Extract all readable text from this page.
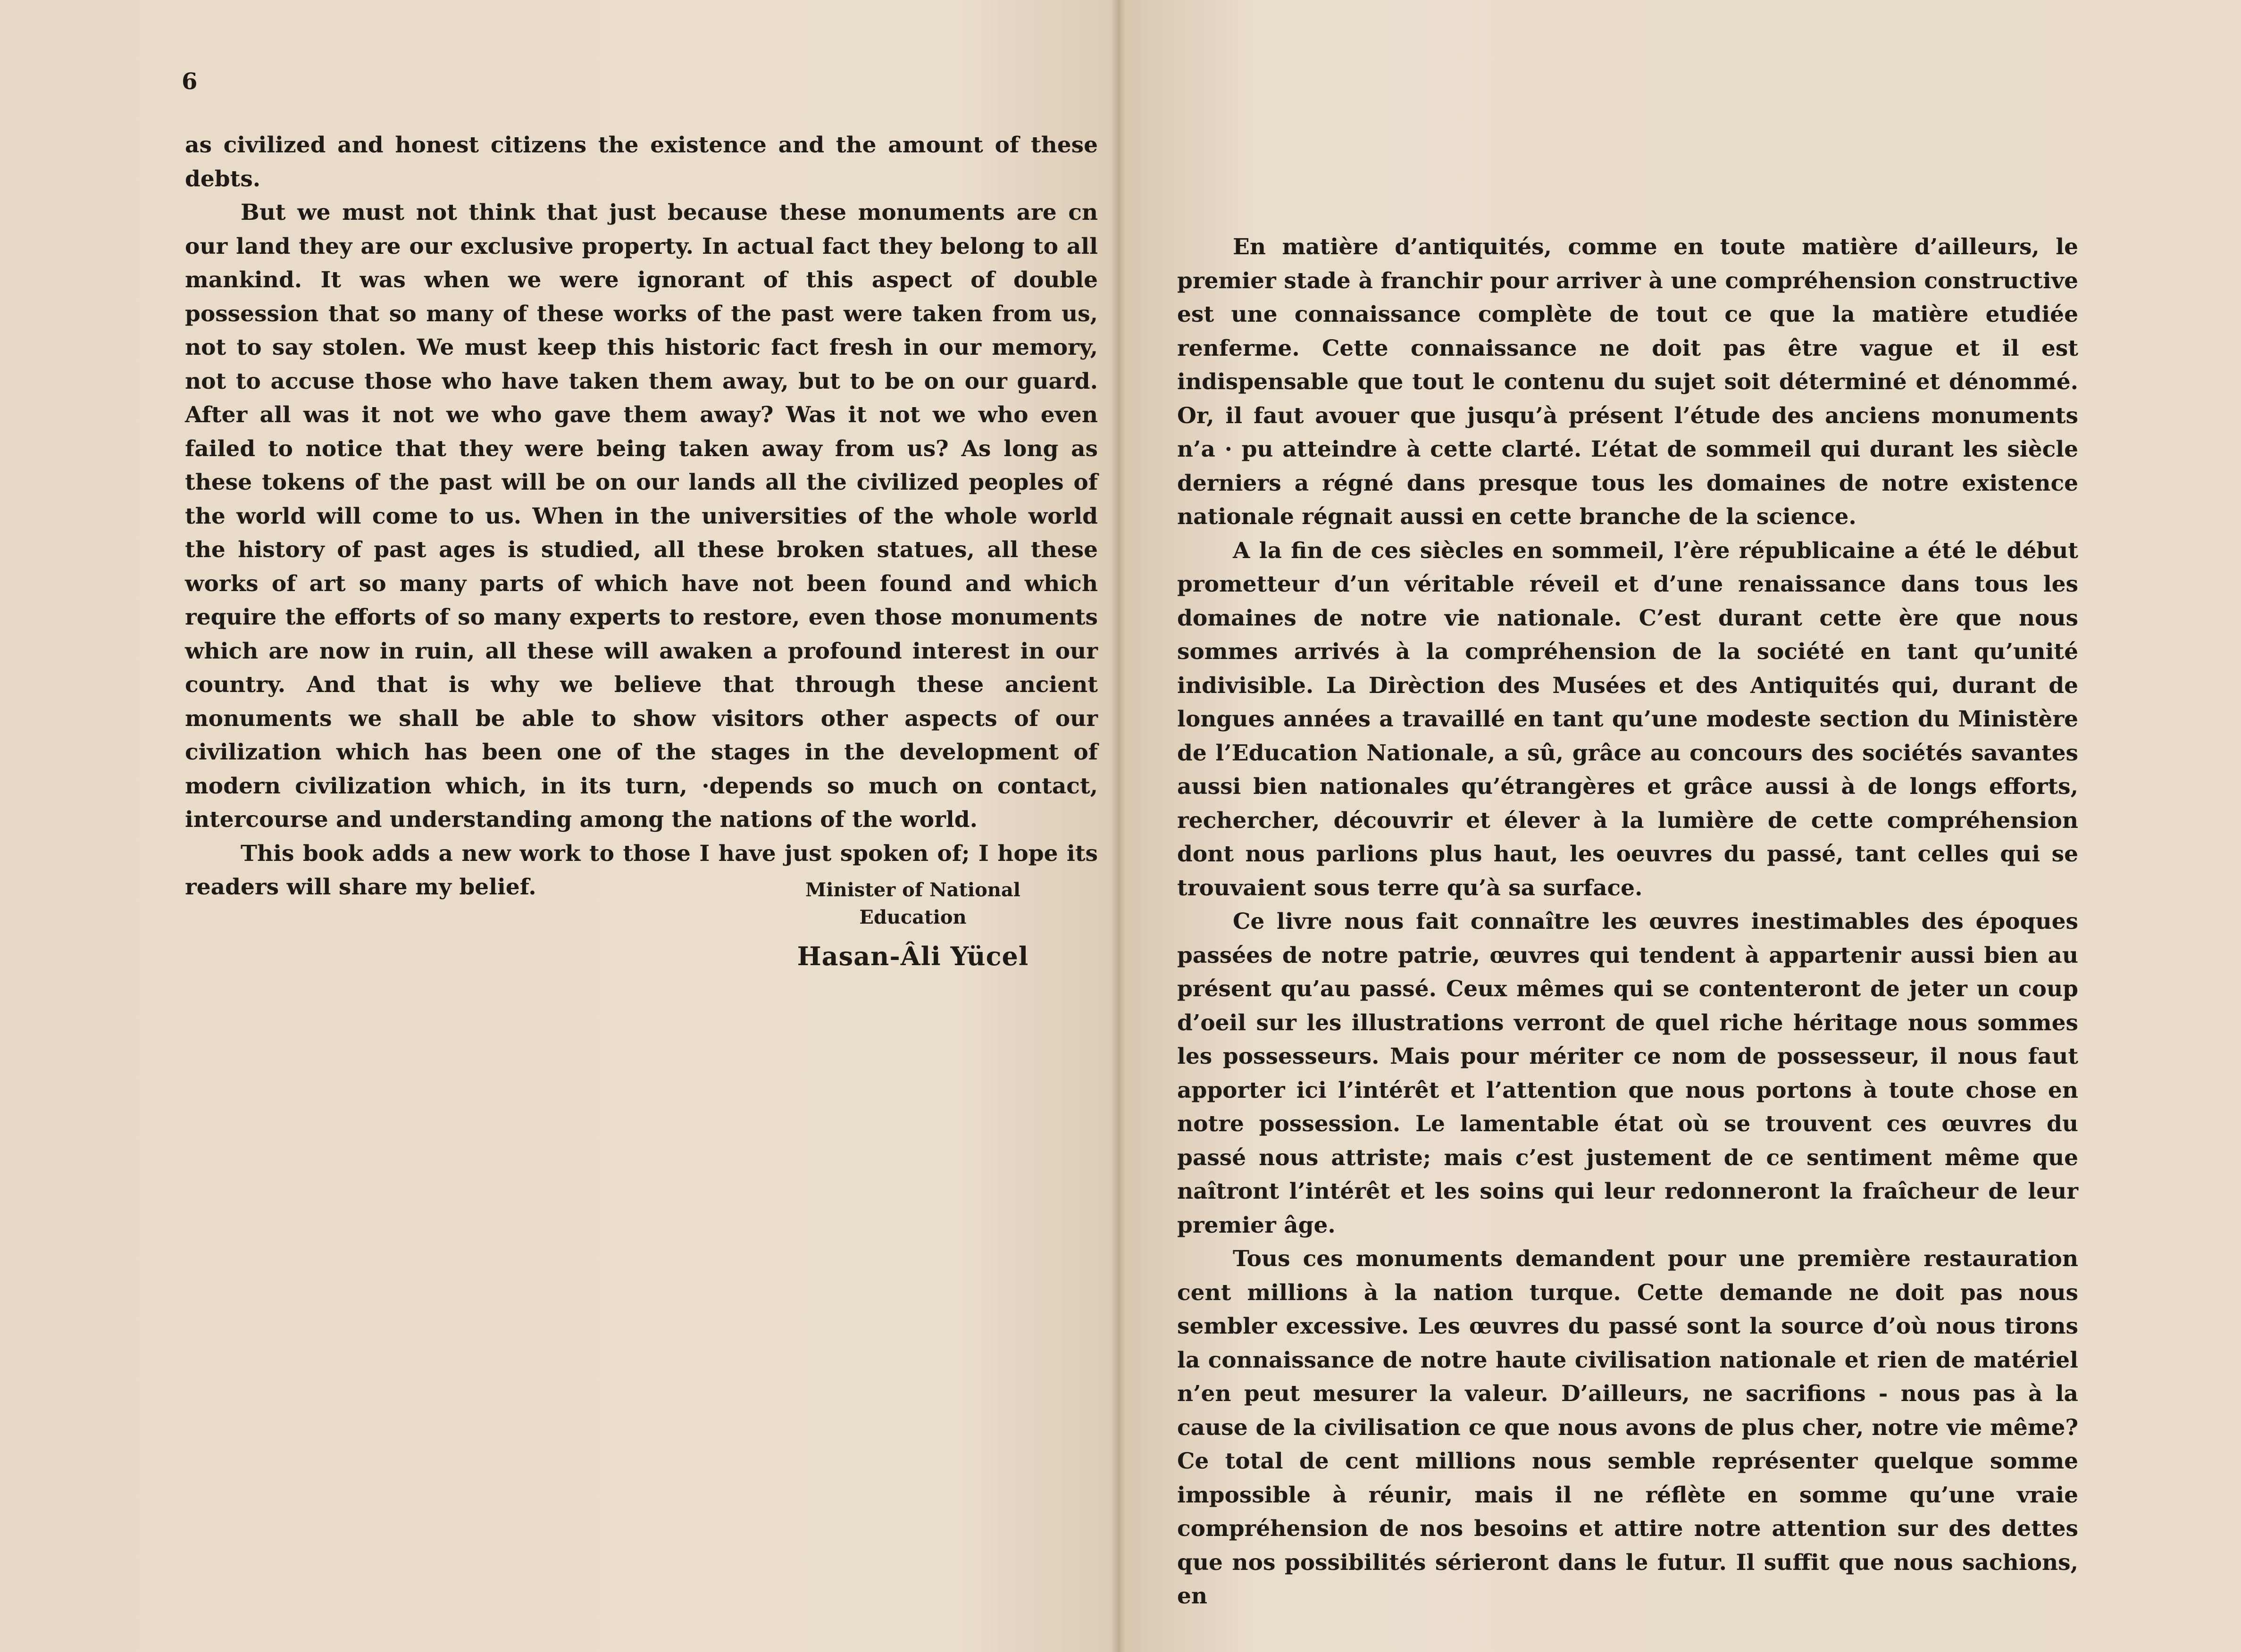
6

as civilized and honest citizens the existence and the amount of these debts.

But we must not think that just because these monuments are cn our land they are our exclusive property. In actual fact they belong to all mankind. It was when we were ignorant of this aspect of double possession that so many of these works of the past were taken from us, not to say stolen. We must keep this historic fact fresh in our memory, not to accuse those who have taken them away, but to be on our guard. After all was it not we who gave them away? Was it not we who even failed to notice that they were being taken away from us? As long as these tokens of the past will be on our lands all the civilized peoples of the world will come to us. When in the universities of the whole world the history of past ages is studied, all these broken statues, all these works of art so many parts of which have not been found and which require the efforts of so many experts to restore, even those monuments which are now in ruin, all these will awaken a profound interest in our country. And that is why we believe that through these ancient monuments we shall be able to show visitors other aspects of our civilization which has been one of the stages in the development of modern civilization which, in its turn, ·depends so much on contact, intercourse and understanding among the nations of the world.

This book adds a new work to those I have just spoken of; I hope its readers will share my belief.	Minister of National
Education
Hasan-Âli Yücel

En matière d’antiquités, comme en toute matière d’ailleurs, le premier stade à franchir pour arriver à une compréhension constructive est une connaissance complète de tout ce que la matière etudiée renferme. Cette connaissance ne doit pas être vague et il est indispensable que tout le contenu du sujet soit déterminé et dénommé. Or, il faut avouer que jusqu’à présent l’étude des anciens monuments n’a · pu atteindre à cette clarté. L’état de sommeil qui durant les siècle derniers a régné dans presque tous les domaines de notre existence nationale régnait aussi en cette branche de la science.

A la fin de ces siècles en sommeil, l’ère républicaine a été le début prometteur d’un véritable réveil et d’une renaissance dans tous les domaines de notre vie nationale. C’est durant cette ère que nous sommes arrivés à la compréhension de la société en tant qu’unité indivisible. La Dirèction des Musées et des Antiquités qui, durant de longues années a travaillé en tant qu’une modeste section du Ministère de l’Education Nationale, a sû, grâce au concours des sociétés savantes aussi bien nationales qu’étrangères et grâce aussi à de longs efforts, rechercher, découvrir et élever à la lumière de cette compréhension dont nous parlions plus haut, les oeuvres du passé, tant celles qui se trouvaient sous terre qu’à sa surface.

Ce livre nous fait connaître les œuvres inestimables des époques passées de notre patrie, œuvres qui tendent à appartenir aussi bien au présent qu’au passé. Ceux mêmes qui se contenteront de jeter un coup d’oeil sur les illustrations verront de quel riche héritage nous sommes les possesseurs. Mais pour mériter ce nom de possesseur, il nous faut apporter ici l’intérêt et l’attention que nous portons à toute chose en notre possession. Le lamentable état où se trouvent ces œuvres du passé nous attriste; mais c’est justement de ce sentiment même que naîtront l’intérêt et les soins qui leur redonneront la fraîcheur de leur premier âge.

Tous ces monuments demandent pour une première restauration cent millions à la nation turque. Cette demande ne doit pas nous sembler excessive. Les œuvres du passé sont la source d’où nous tirons la connaissance de notre haute civilisation nationale et rien de matériel n’en peut mesurer la valeur. D’ailleurs, ne sacrifions - nous pas à la cause de la civilisation ce que nous avons de plus cher, notre vie même? Ce total de cent millions nous semble représenter quelque somme impossible à réunir, mais il ne réflète en somme qu’une vraie compréhension de nos besoins et attire notre attention sur des dettes que nos possibilités sérieront dans le futur. Il suffit que nous sachions, en
